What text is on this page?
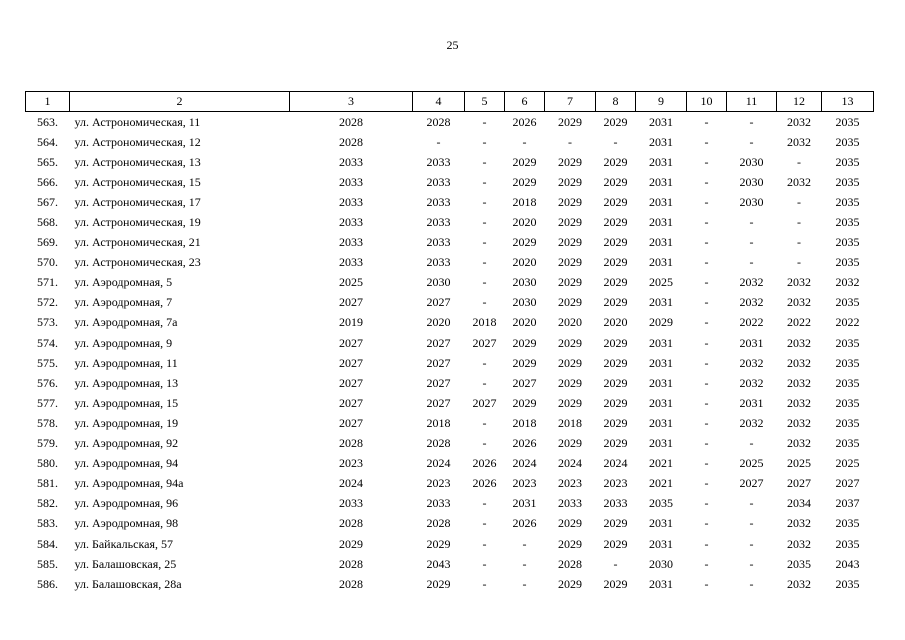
25
1	2	3	4	5	6	7	8	9	10	11	12	13
563.	ул. Астрономическая, 11	2028	2028	-	2026	2029	2029	2031	-	-	2032	2035
564.	ул. Астрономическая, 12	2028	-	-	-	-	-	2031	-	-	2032	2035
565.	ул. Астрономическая, 13	2033	2033	-	2029	2029	2029	2031	-	2030	-	2035
566.	ул. Астрономическая, 15	2033	2033	-	2029	2029	2029	2031	-	2030	2032	2035
567.	ул. Астрономическая, 17	2033	2033	-	2018	2029	2029	2031	-	2030	-	2035
568.	ул. Астрономическая, 19	2033	2033	-	2020	2029	2029	2031	-	-	-	2035
569.	ул. Астрономическая, 21	2033	2033	-	2029	2029	2029	2031	-	-	-	2035
570.	ул. Астрономическая, 23	2033	2033	-	2020	2029	2029	2031	-	-	-	2035
571.	ул. Аэродромная, 5	2025	2030	-	2030	2029	2029	2025	-	2032	2032	2032
572.	ул. Аэродромная, 7	2027	2027	-	2030	2029	2029	2031	-	2032	2032	2035
573.	ул. Аэродромная, 7а	2019	2020	2018	2020	2020	2020	2029	-	2022	2022	2022
574.	ул. Аэродромная, 9	2027	2027	2027	2029	2029	2029	2031	-	2031	2032	2035
575.	ул. Аэродромная, 11	2027	2027	-	2029	2029	2029	2031	-	2032	2032	2035
576.	ул. Аэродромная, 13	2027	2027	-	2027	2029	2029	2031	-	2032	2032	2035
577.	ул. Аэродромная, 15	2027	2027	2027	2029	2029	2029	2031	-	2031	2032	2035
578.	ул. Аэродромная, 19	2027	2018	-	2018	2018	2029	2031	-	2032	2032	2035
579.	ул. Аэродромная, 92	2028	2028	-	2026	2029	2029	2031	-	-	2032	2035
580.	ул. Аэродромная, 94	2023	2024	2026	2024	2024	2024	2021	-	2025	2025	2025
581.	ул. Аэродромная, 94а	2024	2023	2026	2023	2023	2023	2021	-	2027	2027	2027
582.	ул. Аэродромная, 96	2033	2033	-	2031	2033	2033	2035	-	-	2034	2037
583.	ул. Аэродромная, 98	2028	2028	-	2026	2029	2029	2031	-	-	2032	2035
584.	ул. Байкальская, 57	2029	2029	-	-	2029	2029	2031	-	-	2032	2035
585.	ул. Балашовская, 25	2028	2043	-	-	2028	-	2030	-	-	2035	2043
586.	ул. Балашовская, 28а	2028	2029	-	-	2029	2029	2031	-	-	2032	2035
